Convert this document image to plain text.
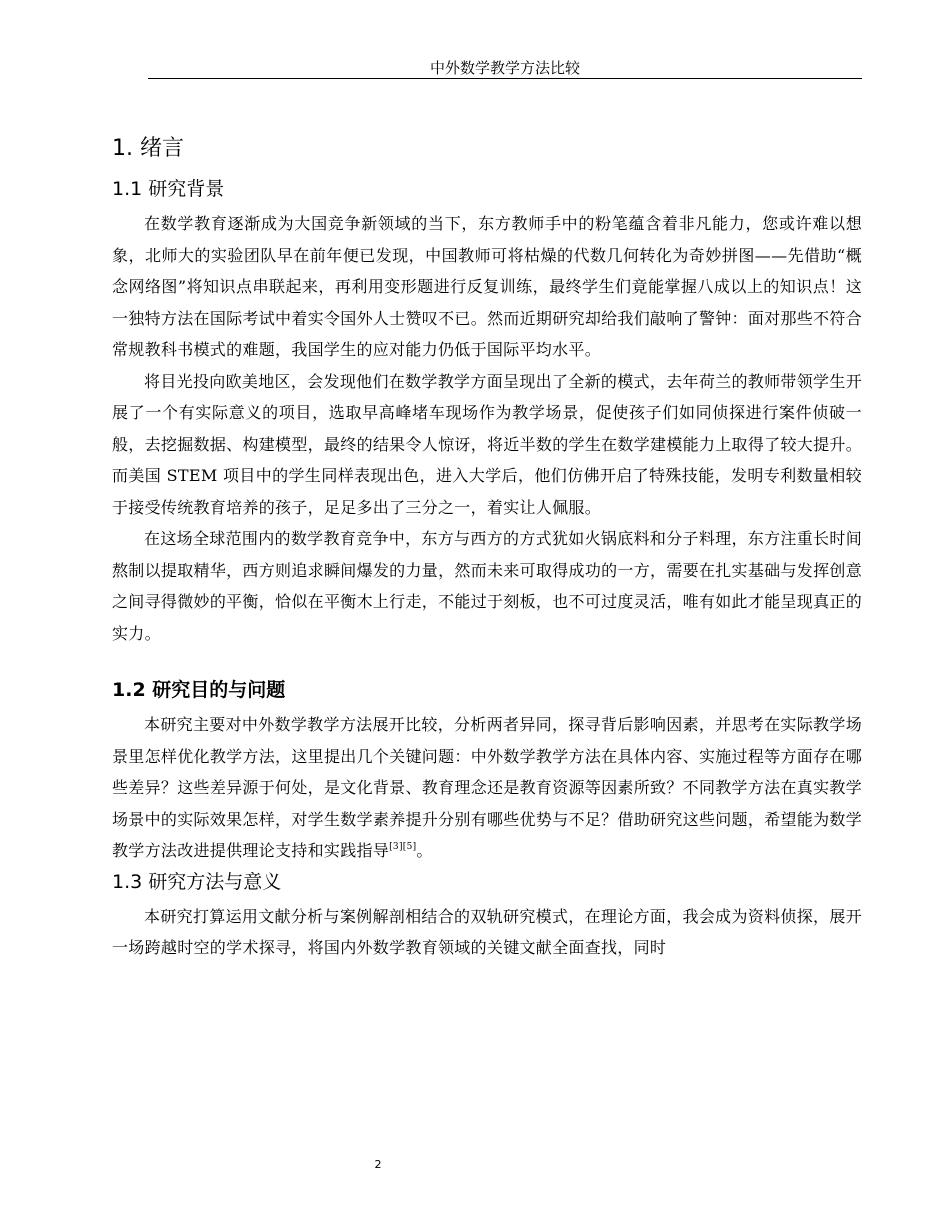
中外数学教学方法比较
1. 绪言
1.1 研究背景

在数学教育逐渐成为大国竞争新领域的当下，东方教师手中的粉笔蕴含着非凡能力，您或许难以想象，北师大的实验团队早在前年便已发现，中国教师可将枯燥的代数几何转化为奇妙拼图——先借助“概念网络图”将知识点串联起来，再利用变形题进行反复训练，最终学生们竟能掌握八成以上的知识点！这一独特方法在国际考试中着实令国外人士赞叹不已。然而近期研究却给我们敲响了警钟：面对那些不符合常规教科书模式的难题，我国学生的应对能力仍低于国际平均水平。

将目光投向欧美地区，会发现他们在数学教学方面呈现出了全新的模式，去年荷兰的教师带领学生开展了一个有实际意义的项目，选取早高峰堵车现场作为教学场景，促使孩子们如同侦探进行案件侦破一般，去挖掘数据、构建模型，最终的结果令人惊讶，将近半数的学生在数学建模能力上取得了较大提升。而美国 STEM 项目中的学生同样表现出色，进入大学后，他们仿佛开启了特殊技能，发明专利数量相较于接受传统教育培养的孩子，足足多出了三分之一，着实让人佩服。

在这场全球范围内的数学教育竞争中，东方与西方的方式犹如火锅底料和分子料理，东方注重长时间熬制以提取精华，西方则追求瞬间爆发的力量，然而未来可取得成功的一方，需要在扎实基础与发挥创意之间寻得微妙的平衡，恰似在平衡木上行走，不能过于刻板，也不可过度灵活，唯有如此才能呈现真正的实力。

1.2 研究目的与问题

本研究主要对中外数学教学方法展开比较，分析两者异同，探寻背后影响因素，并思考在实际教学场景里怎样优化教学方法，这里提出几个关键问题：中外数学教学方法在具体内容、实施过程等方面存在哪些差异？这些差异源于何处，是文化背景、教育理念还是教育资源等因素所致？不同教学方法在真实教学场景中的实际效果怎样，对学生数学素养提升分别有哪些优势与不足？借助研究这些问题，希望能为数学教学方法改进提供理论支持和实践指导[3][5]。

1.3 研究方法与意义

本研究打算运用文献分析与案例解剖相结合的双轨研究模式，在理论方面，我会成为资料侦探，展开一场跨越时空的学术探寻，将国内外数学教育领域的关键文献全面查找，同时

2
